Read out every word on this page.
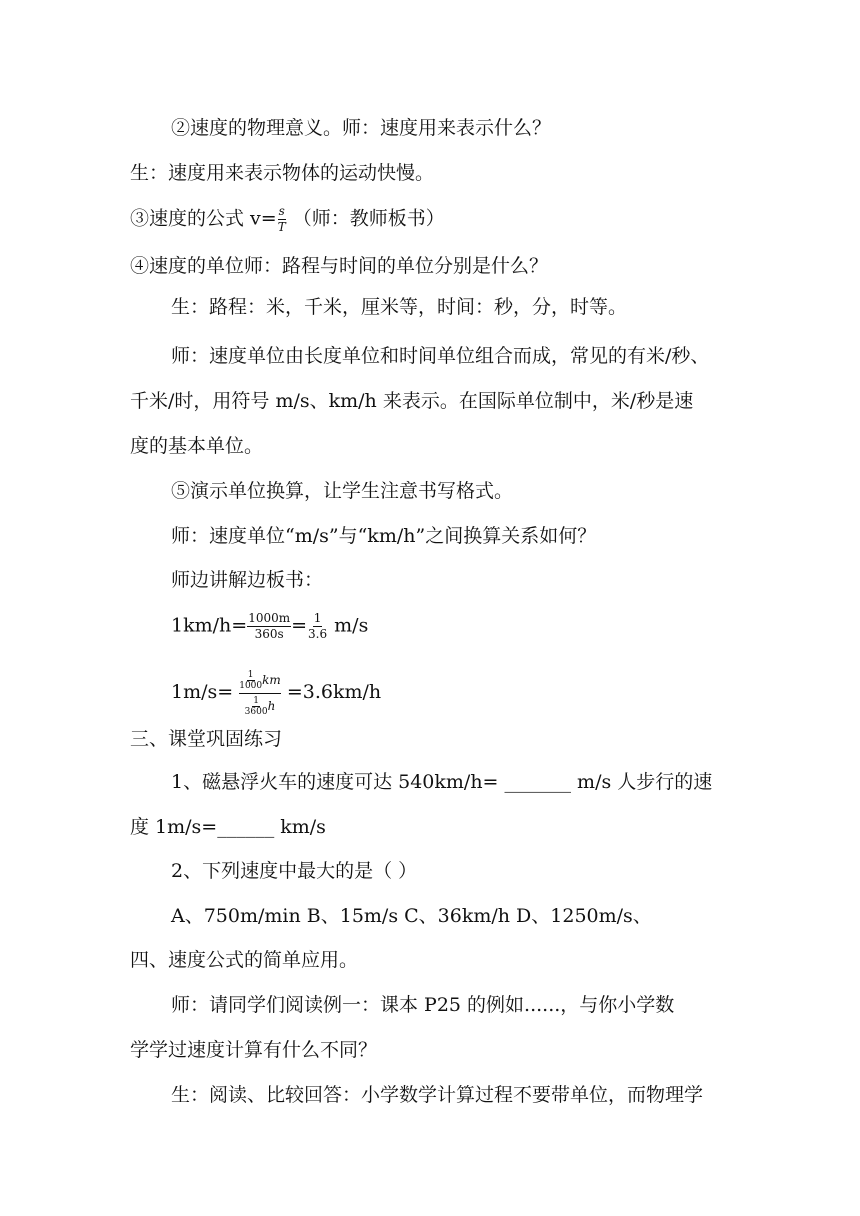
②速度的物理意义。师：速度用来表示什么？
生：速度用来表示物体的运动快慢。
③速度的公式 $v= \frac{s}{T}$ （师：教师板书）
④速度的单位师：路程与时间的单位分别是什么？
生：路程：米，千米，厘米等，时间：秒，分，时等。
师：速度单位由长度单位和时间单位组合而成，常见的有米/秒、
千米/时，用符号 m/s、km/h 来表示。在国际单位制中，米/秒是速
度的基本单位。
⑤演示单位换算，让学生注意书写格式。
师：速度单位“m/s”与“km/h”之间换算关系如何？
师边讲解边板书：
$1km/h= \frac{1000m}{360s} = \frac{1}{3.6} m/s$
$1m/s= \frac{\frac{1}{1000} km}{\frac{1}{3600} h} =3.6km/h$
三、课堂巩固练习
1、磁悬浮火车的速度可达 540km/h= _______ m/s 人步行的速
度 1m/s=______ km/s
2、下列速度中最大的是（ ）
A、750m/min B、15m/s C、36km/h D、1250m/s、
四、速度公式的简单应用。
师：请同学们阅读例一：课本 P25 的例如......，与你小学数
学学过速度计算有什么不同？
生：阅读、比较回答：小学数学计算过程不要带单位，而物理学
